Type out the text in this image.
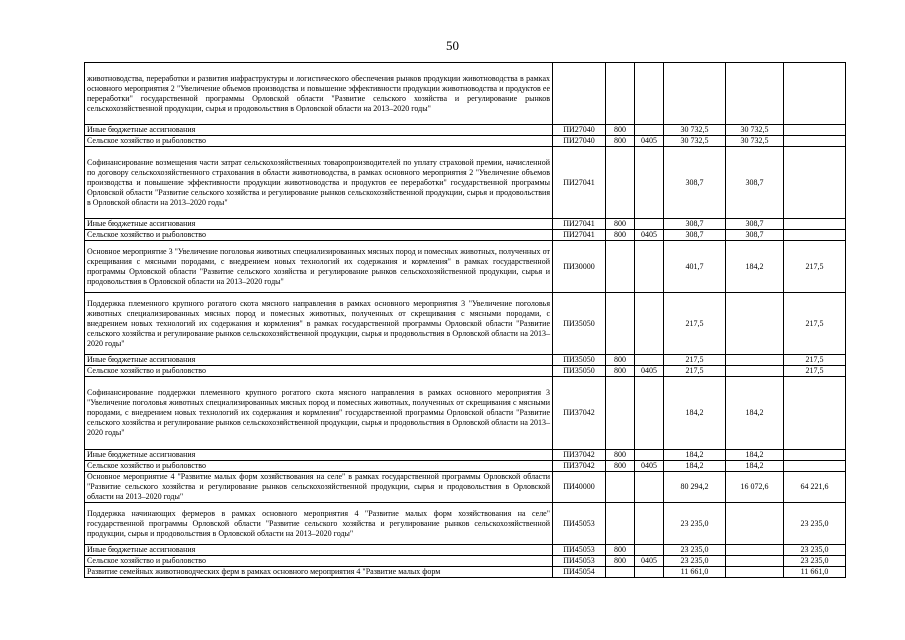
50
животноводства, переработки и развития инфраструктуры и логистического обеспечения рынков продукции животноводства в рамках основного мероприятия 2 "Увеличение объемов производства и повышение эффективности продукции животноводства и продуктов ее переработки" государственной программы Орловской области "Развитие сельского хозяйства и регулирование рынков сельскохозяйственной продукции, сырья и продовольствия в Орловской области на 2013–2020 годы"						
Иные бюджетные ассигнования	ПИ27040	800		30 732,5	30 732,5	
Сельское хозяйство и рыболовство	ПИ27040	800	0405	30 732,5	30 732,5	
Софинансирование возмещения части затрат сельскохозяйственных товаропроизводителей по уплату страховой премии, начисленной по договору сельскохозяйственного страхования в области животноводства, в рамках основного мероприятия 2 "Увеличение объемов производства и повышение эффективности продукции животноводства и продуктов ее переработки" государственной программы Орловской области "Развитие сельского хозяйства и регулирование рынков сельскохозяйственной продукции, сырья и продовольствия в Орловской области на 2013–2020 годы"	ПИ27041			308,7	308,7	
Иные бюджетные ассигнования	ПИ27041	800		308,7	308,7	
Сельское хозяйство и рыболовство	ПИ27041	800	0405	308,7	308,7	
Основное мероприятие 3 "Увеличение поголовья животных специализированных мясных пород и помесных животных, полученных от скрещивания с мясными породами, с внедрением новых технологий их содержания и кормления" в рамках государственной программы Орловской области "Развитие сельского хозяйства и регулирование рынков сельскохозяйственной продукции, сырья и продовольствия в Орловской области на 2013–2020 годы"	ПИ30000			401,7	184,2	217,5
Поддержка племенного крупного рогатого скота мясного направления в рамках основного мероприятия 3 "Увеличение поголовья животных специализированных мясных пород и помесных животных, полученных от скрещивания с мясными породами, с внедрением новых технологий их содержания и кормления" в рамках государственной программы Орловской области "Развитие сельского хозяйства и регулирование рынков сельскохозяйственной продукции, сырья и продовольствия в Орловской области на 2013–2020 годы"	ПИ35050			217,5		217,5
Иные бюджетные ассигнования	ПИ35050	800		217,5		217,5
Сельское хозяйство и рыболовство	ПИ35050	800	0405	217,5		217,5
Софинансирование поддержки племенного крупного рогатого скота мясного направления в рамках основного мероприятия 3 "Увеличение поголовья животных специализированных мясных пород и помесных животных, полученных от скрещивания с мясными породами, с внедрением новых технологий их содержания и кормления" государственной программы Орловской области "Развитие сельского хозяйства и регулирование рынков сельскохозяйственной продукции, сырья и продовольствия в Орловской области на 2013–2020 годы"	ПИ37042			184,2	184,2	
Иные бюджетные ассигнования	ПИ37042	800		184,2	184,2	
Сельское хозяйство и рыболовство	ПИ37042	800	0405	184,2	184,2	
Основное мероприятие 4 "Развитие малых форм хозяйствования на селе" в рамках государственной программы Орловской области "Развитие сельского хозяйства и регулирование рынков сельскохозяйственной продукции, сырья и продовольствия в Орловской области на 2013–2020 годы"	ПИ40000			80 294,2	16 072,6	64 221,6
Поддержка начинающих фермеров в рамках основного мероприятия 4 "Развитие малых форм хозяйствования на селе" государственной программы Орловской области "Развитие сельского хозяйства и регулирование рынков сельскохозяйственной продукции, сырья и продовольствия в Орловской области на 2013–2020 годы"	ПИ45053			23 235,0		23 235,0
Иные бюджетные ассигнования	ПИ45053	800		23 235,0		23 235,0
Сельское хозяйство и рыболовство	ПИ45053	800	0405	23 235,0		23 235,0
Развитие семейных животноводческих ферм в рамках основного мероприятия 4 "Развитие малых форм	ПИ45054			11 661,0		11 661,0
